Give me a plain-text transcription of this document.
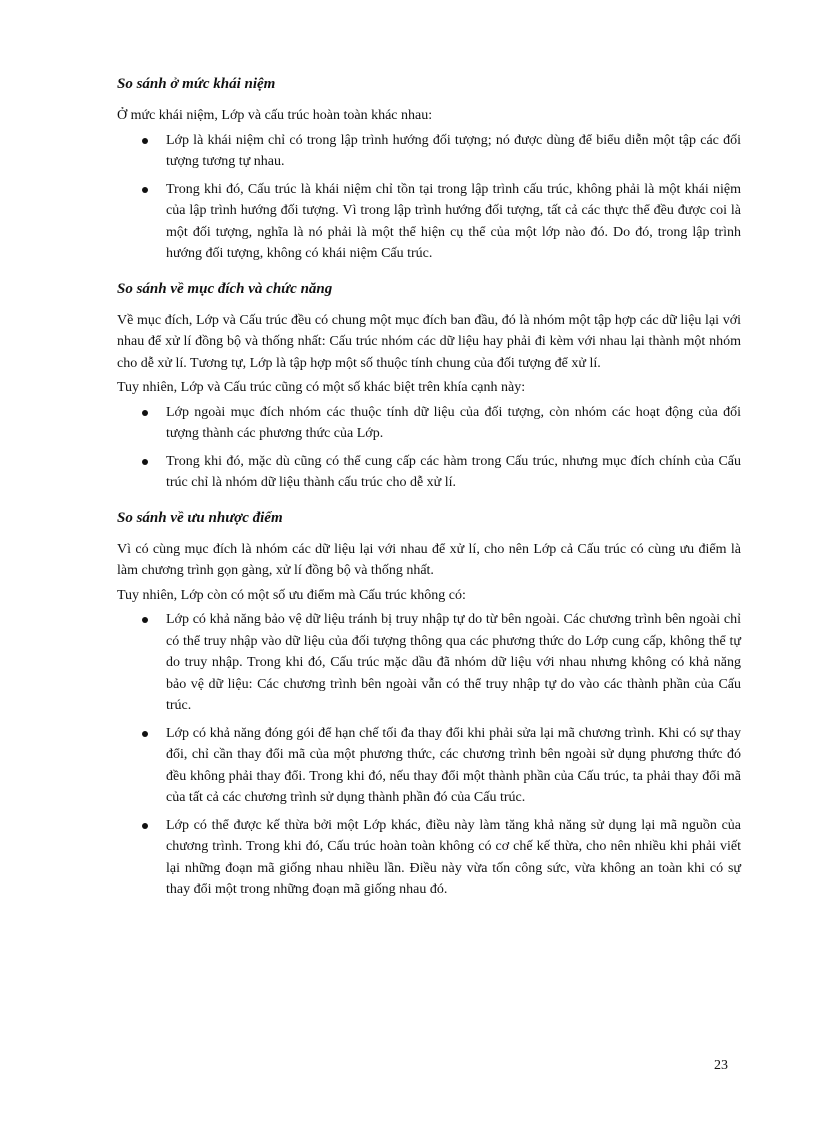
So sánh ở mức khái niệm
Ở mức khái niệm, Lớp và cấu trúc hoàn toàn khác nhau:
Lớp là khái niệm chỉ có trong lập trình hướng đối tượng; nó được dùng để biểu diễn một tập các đối tượng tương tự nhau.
Trong khi đó, Cấu trúc là khái niệm chỉ tồn tại trong lập trình cấu trúc, không phải là một khái niệm của lập trình hướng đối tượng. Vì trong lập trình hướng đối tượng, tất cả các thực thể đều được coi là một đối tượng, nghĩa là nó phải là một thể hiện cụ thể của một lớp nào đó. Do đó, trong lập trình hướng đối tượng, không có khái niệm Cấu trúc.
So sánh về mục đích và chức năng
Về mục đích, Lớp và Cấu trúc đều có chung một mục đích ban đầu, đó là nhóm một tập hợp các dữ liệu lại với nhau để xử lí đồng bộ và thống nhất: Cấu trúc nhóm các dữ liệu hay phải đi kèm với nhau lại thành một nhóm cho dễ xử lí. Tương tự, Lớp là tập hợp một số thuộc tính chung của đối tượng để xử lí.
Tuy nhiên, Lớp và Cấu trúc cũng có một số khác biệt trên khía cạnh này:
Lớp ngoài mục đích nhóm các thuộc tính dữ liệu của đối tượng, còn nhóm các hoạt động của đối tượng thành các phương thức của Lớp.
Trong khi đó, mặc dù cũng có thể cung cấp các hàm trong Cấu trúc, nhưng mục đích chính của Cấu trúc chỉ là nhóm dữ liệu thành cấu trúc cho dễ xử lí.
So sánh về ưu nhược điểm
Vì có cùng mục đích là nhóm các dữ liệu lại với nhau để xử lí, cho nên Lớp cả Cấu trúc có cùng ưu điểm là làm chương trình gọn gàng, xử lí đồng bộ và thống nhất.
Tuy nhiên, Lớp còn có một số ưu điểm mà Cấu trúc không có:
Lớp có khả năng bảo vệ dữ liệu tránh bị truy nhập tự do từ bên ngoài. Các chương trình bên ngoài chỉ có thể truy nhập vào dữ liệu của đối tượng thông qua các phương thức do Lớp cung cấp, không thể tự do truy nhập. Trong khi đó, Cấu trúc mặc dầu đã nhóm dữ liệu với nhau nhưng không có khả năng bảo vệ dữ liệu: Các chương trình bên ngoài vẫn có thể truy nhập tự do vào các thành phần của Cấu trúc.
Lớp có khả năng đóng gói để hạn chế tối đa thay đổi khi phải sửa lại mã chương trình. Khi có sự thay đổi, chỉ cần thay đổi mã của một phương thức, các chương trình bên ngoài sử dụng phương thức đó đều không phải thay đổi. Trong khi đó, nếu thay đổi một thành phần của Cấu trúc, ta phải thay đổi mã của tất cả các chương trình sử dụng thành phần đó của Cấu trúc.
Lớp có thể được kế thừa bởi một Lớp khác, điều này làm tăng khả năng sử dụng lại mã nguồn của chương trình. Trong khi đó, Cấu trúc hoàn toàn không có cơ chế kế thừa, cho nên nhiều khi phải viết lại những đoạn mã giống nhau nhiều lần. Điều này vừa tốn công sức, vừa không an toàn khi có sự thay đổi một trong những đoạn mã giống nhau đó.
23
